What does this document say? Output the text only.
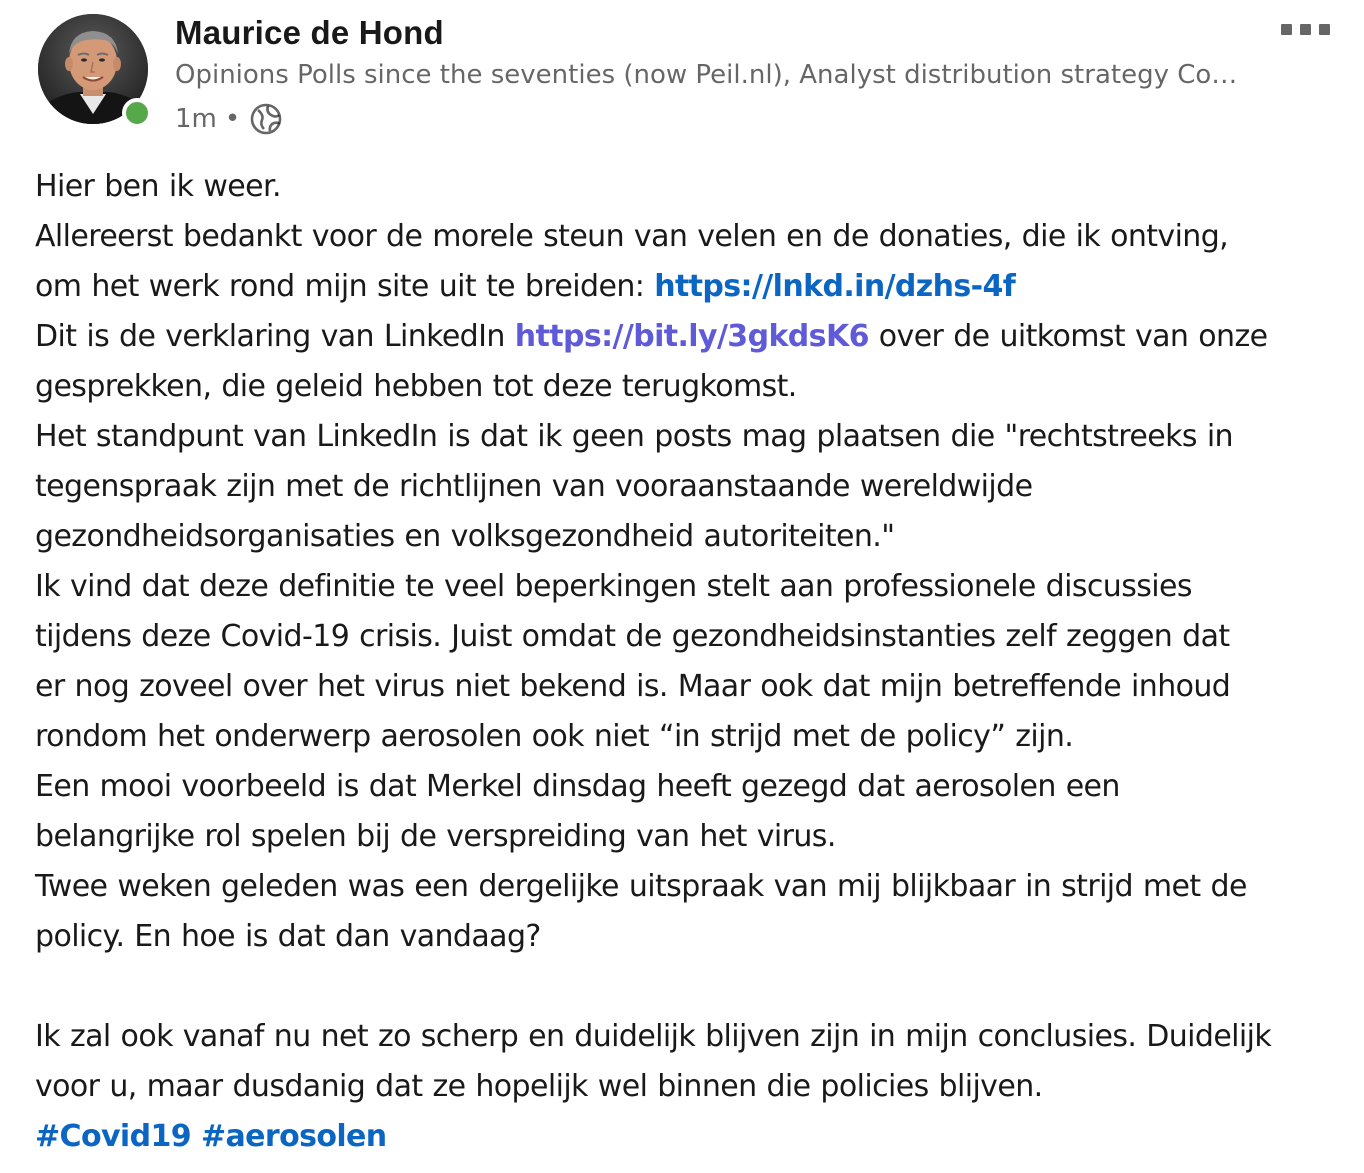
Maurice de Hond
Opinions Polls since the seventies (now Peil.nl), Analyst distribution strategy Co…
1m •
Hier ben ik weer.
Allereerst bedankt voor de morele steun van velen en de donaties, die ik ontving,
om het werk rond mijn site uit te breiden: https://lnkd.in/dzhs-4f
Dit is de verklaring van LinkedIn https://bit.ly/3gkdsK6 over de uitkomst van onze
gesprekken, die geleid hebben tot deze terugkomst.
Het standpunt van LinkedIn is dat ik geen posts mag plaatsen die "rechtstreeks in
tegenspraak zijn met de richtlijnen van vooraanstaande wereldwijde
gezondheidsorganisaties en volksgezondheid autoriteiten."
Ik vind dat deze definitie te veel beperkingen stelt aan professionele discussies
tijdens deze Covid-19 crisis. Juist omdat de gezondheidsinstanties zelf zeggen dat
er nog zoveel over het virus niet bekend is. Maar ook dat mijn betreffende inhoud
rondom het onderwerp aerosolen ook niet “in strijd met de policy” zijn.
Een mooi voorbeeld is dat Merkel dinsdag heeft gezegd dat aerosolen een
belangrijke rol spelen bij de verspreiding van het virus.
Twee weken geleden was een dergelijke uitspraak van mij blijkbaar in strijd met de
policy. En hoe is dat dan vandaag?
Ik zal ook vanaf nu net zo scherp en duidelijk blijven zijn in mijn conclusies. Duidelijk
voor u, maar dusdanig dat ze hopelijk wel binnen die policies blijven.
#Covid19 #aerosolen
